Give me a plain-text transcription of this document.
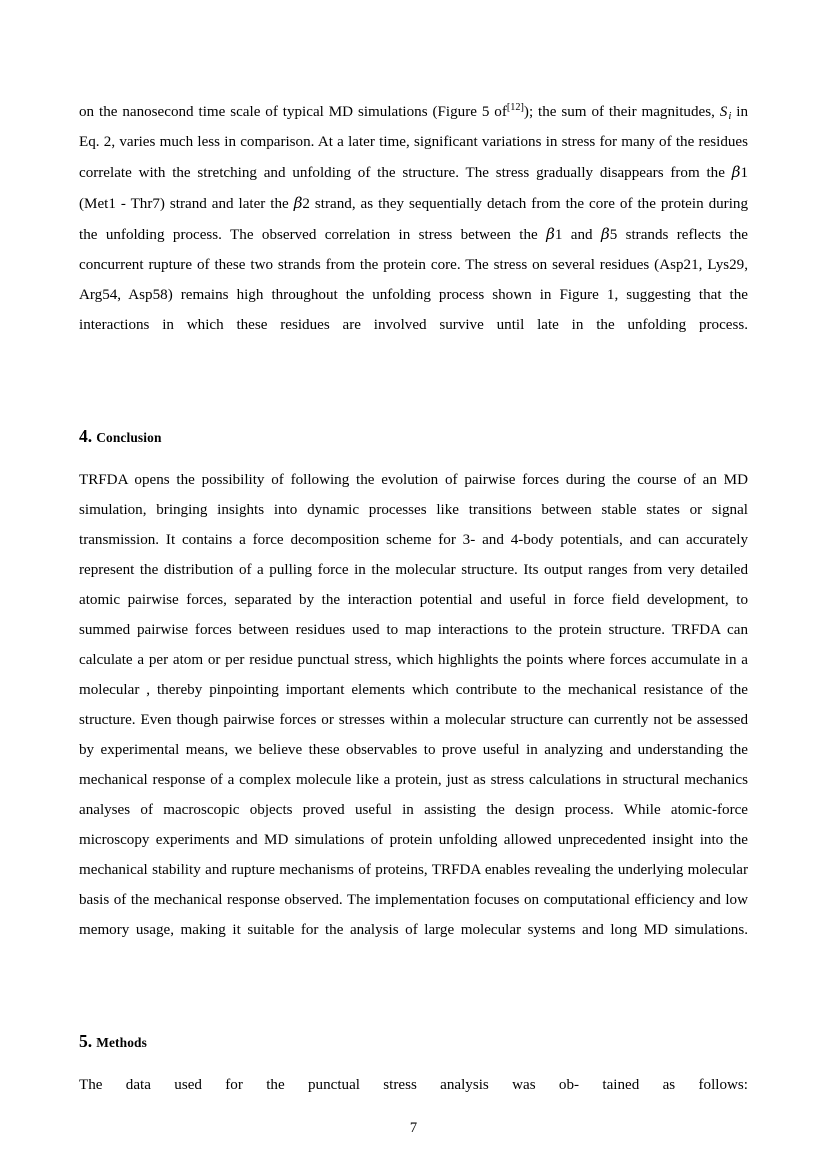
on the nanosecond time scale of typical MD simulations (Figure 5 of[12]); the sum of their magnitudes, $S_i$ in Eq. 2, varies much less in comparison. At a later time, significant variations in stress for many of the residues correlate with the stretching and unfolding of the structure. The stress gradually disappears from the β1 (Met1 - Thr7) strand and later the β2 strand, as they sequentially detach from the core of the protein during the unfolding process. The observed correlation in stress between the β1 and β5 strands reflects the concurrent rupture of these two strands from the protein core. The stress on several residues (Asp21, Lys29, Arg54, Asp58) remains high throughout the unfolding process shown in Figure 1, suggesting that the interactions in which these residues are involved survive until late in the unfolding process.

4. Conclusion

TRFDA opens the possibility of following the evolution of pairwise forces during the course of an MD simulation, bringing insights into dynamic processes like transitions between stable states or signal transmission. It contains a force decomposition scheme for 3- and 4-body potentials, and can accurately represent the distribution of a pulling force in the molecular structure. Its output ranges from very detailed atomic pairwise forces, separated by the interaction potential and useful in force field development, to summed pairwise forces between residues used to map interactions to the protein structure. TRFDA can calculate a per atom or per residue punctual stress, which highlights the points where forces accumulate in a molecular , thereby pinpointing important elements which contribute to the mechanical resistance of the structure. Even though pairwise forces or stresses within a molecular structure can currently not be assessed by experimental means, we believe these observables to prove useful in analyzing and understanding the mechanical response of a complex molecule like a protein, just as stress calculations in structural mechanics analyses of macroscopic objects proved useful in assisting the design process. While atomic-force microscopy experiments and MD simulations of protein unfolding allowed unprecedented insight into the mechanical stability and rupture mechanisms of proteins, TRFDA enables revealing the underlying molecular basis of the mechanical response observed. The implementation focuses on computational efficiency and low memory usage, making it suitable for the analysis of large molecular systems and long MD simulations.

5. Methods

The data used for the punctual stress analysis was ob- tained as follows:

7
